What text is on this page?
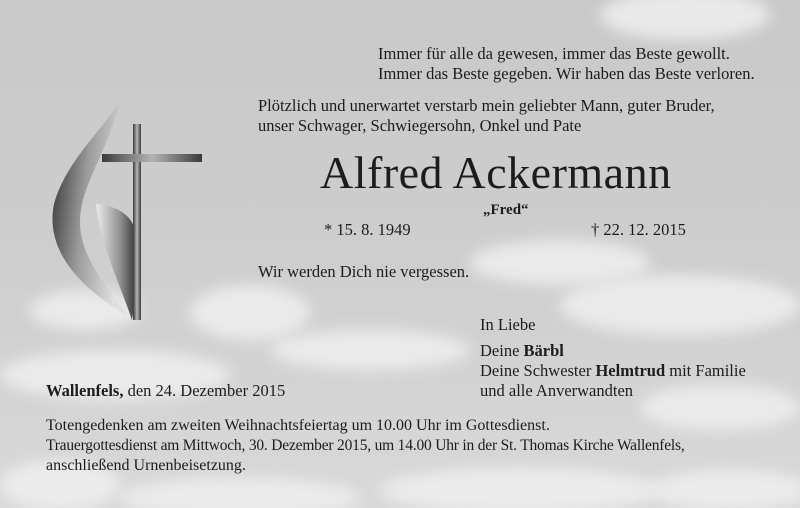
Immer für alle da gewesen, immer das Beste gewollt.

Immer das Beste gegeben. Wir haben das Beste verloren.

Plötzlich und unerwartet verstarb mein geliebter Mann, guter Bruder,

unser Schwager, Schwiegersohn, Onkel und Pate

Alfred Ackermann

„Fred“

* 15. 8. 1949	† 22. 12. 2015

Wir werden Dich nie vergessen.

In Liebe

Deine Bärbl

Deine Schwester Helmtrud mit Familie

und alle Anverwandten

Wallenfels, den 24. Dezember 2015

Totengedenken am zweiten Weihnachtsfeiertag um 10.00 Uhr im Gottesdienst.

Trauergottesdienst am Mittwoch, 30. Dezember 2015, um 14.00 Uhr in der St. Thomas Kirche Wallenfels,

anschließend Urnenbeisetzung.
